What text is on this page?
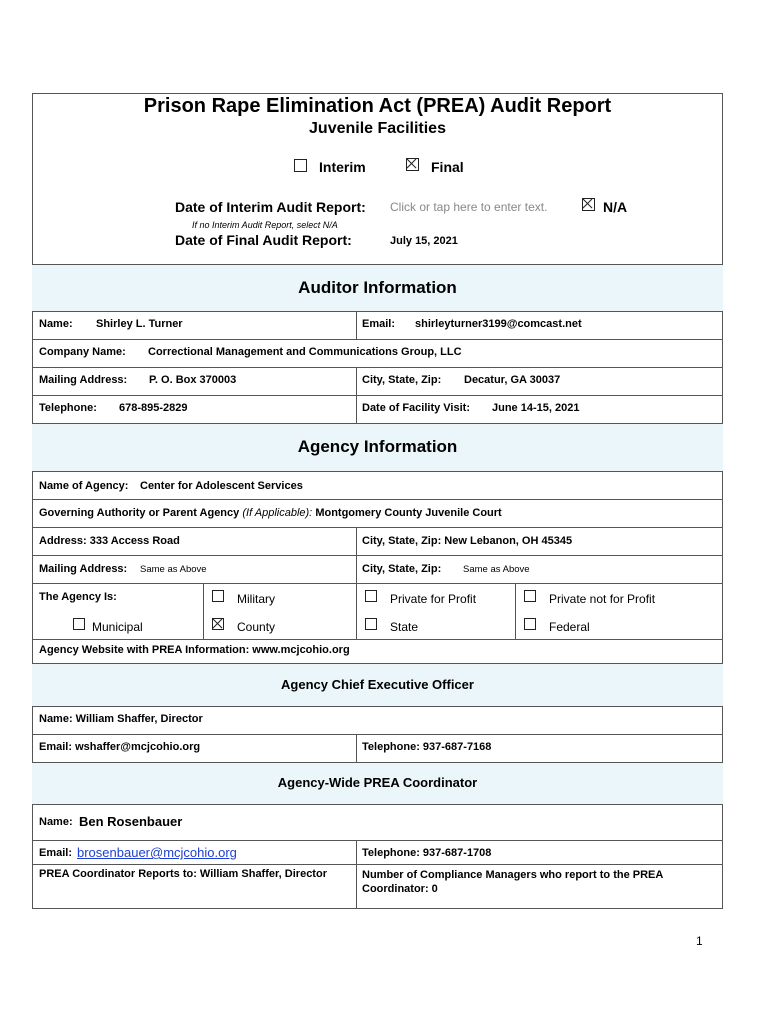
Prison Rape Elimination Act (PREA) Audit Report
Juvenile Facilities
Interim	Final
Date of Interim Audit Report: Click or tap here to enter text.	N/A
If no Interim Audit Report, select N/A
Date of Final Audit Report:	July 15, 2021
Auditor Information
Name: Shirley L. Turner	Email: shirleyturner3199@comcast.net
Company Name: Correctional Management and Communications Group, LLC
Mailing Address: P. O. Box 370003	City, State, Zip: Decatur, GA 30037
Telephone: 678-895-2829	Date of Facility Visit: June 14-15, 2021
Agency Information
Name of Agency: Center for Adolescent Services
Governing Authority or Parent Agency (If Applicable): Montgomery County Juvenile Court
Address: 333 Access Road	City, State, Zip: New Lebanon, OH 45345
Mailing Address: Same as Above	City, State, Zip: Same as Above
The Agency Is:	Military	Private for Profit	Private not for Profit
Municipal	County	State	Federal
Agency Website with PREA Information: www.mcjcohio.org
Agency Chief Executive Officer
Name: William Shaffer, Director
Email: wshaffer@mcjcohio.org	Telephone: 937-687-7168
Agency-Wide PREA Coordinator
Name: Ben Rosenbauer
Email: brosenbauer@mcjcohio.org	Telephone: 937-687-1708
PREA Coordinator Reports to: William Shaffer, Director	Number of Compliance Managers who report to the PREA Coordinator: 0
1
